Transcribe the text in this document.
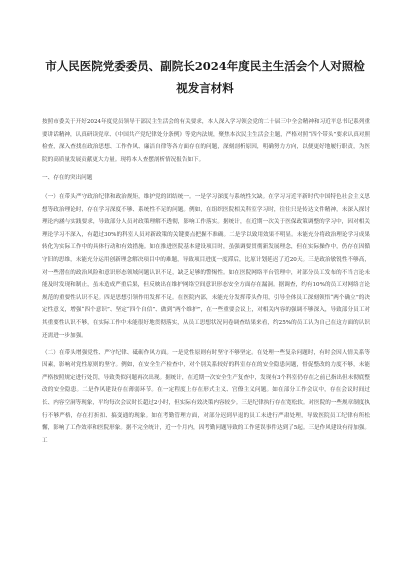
市人民医院党委委员、副院长2024年度民主生活会个人对照检
视发言材料

按照市委关于开好2024年度党员领导干部民主生活会的有关要求，本人深入学习领会党的二十届三中全会精神和习近平总书记系列重要讲话精神，认真研读党章、《中国共产党纪律处分条例》等党内法规，聚焦本次民主生活会主题，严格对照“四个带头”要求认真对照检查，深入查找在政治思想、工作作风、廉洁自律等各方面存在的问题，深刻剖析原因，明确努力方向，以便更好地履行职责，为医院的高质量发展贡献更大力量。现将本人查摆剖析情况报告如下。

一、存在的突出问题

（一）在带头严守政治纪律和政治规矩，维护党的团结统一。一是学习深度与系统性欠缺。在学习习近平新时代中国特色社会主义思想等政治理论时，存在学习深度不够、系统性不足的问题。例如，在组织医院相关科室学习时，往往只是传达文件精神，未深入探讨理论内涵与实践要求，导致部分人员对政策理解不透彻，影响工作落实。据统计，在近期一次关于医保政策调整的学习中，因对相关理论学习不深入，有超过30%的科室人员对新政策的关键要点把握不准确。二是学以致用效果不明显。未能充分将政治理论学习成果转化为实际工作中的具体行动和有效措施。如在推进医院基本建设项目时，虽强调要贯彻新发展理念，但在实际操作中，仍存在因循守旧的思维，未能充分运用创新理念解决项目中的难题，导致项目进度一度滞后，比原计划延迟了近20天。三是政治敏锐性不够高，对一些潜在的政治风险和意识形态领域问题认识不足，缺乏足够的警惕性。如在医院网络平台管理中，对部分员工发布的不当言论未能及时发现和制止，虽未造成严重后果，但反映出在维护网络空间意识形态安全方面存在漏洞。据调查，约有10%的员工对网络言论规范的重要性认识不足。四是思想引领作用发挥不足。在医院内部，未能充分发挥带头作用，引导全体员工深刻领悟“两个确立”的决定性意义，增强“四个意识”、坚定“四个自信”、做到“两个维护”，在一些重要会议上，对相关内容的强调不够深入，导致部分员工对其重要性认识不够，在实际工作中未能很好地贯彻落实，从员工思想状况问卷调查结果来看，约25%的员工认为自己在这方面的认识还需进一步加强。

（二）在带头增强党性、严守纪律、砥砺作风方面。一是党性原则有时坚守不够坚定。在处理一些复杂问题时，有时会因人情关系等因素，影响对党性原则的坚守。例如，在安全生产检查中，对个别关系较好的科室存在的安全隐患问题，督促整改的力度不够，未能严格按照规定进行处罚，导致类似问题再次出现。据统计，在近期一次安全生产复查中，发现有3个科室仍存在之前已指出但未彻底整改的安全隐患。二是作风建设存在薄弱环节。在一定程度上存在形式主义、官僚主义问题。如在部分工作会议中，存在会议时间过长、内容空洞等现象，平均每次会议时长超过2小时，但实际有效决策内容较少。三是纪律执行存在宽松软。对医院的一些规章制度执行不够严格，存在打折扣、搞变通的现象。如在考勤管理方面，对部分迟到早退的员工未进行严肃处理，导致医院员工纪律有所松懈，影响了工作效率和医院形象。据不完全统计，近一个月内，因考勤问题导致的工作延误事件达到了5起。三是作风建设有待加强。工
